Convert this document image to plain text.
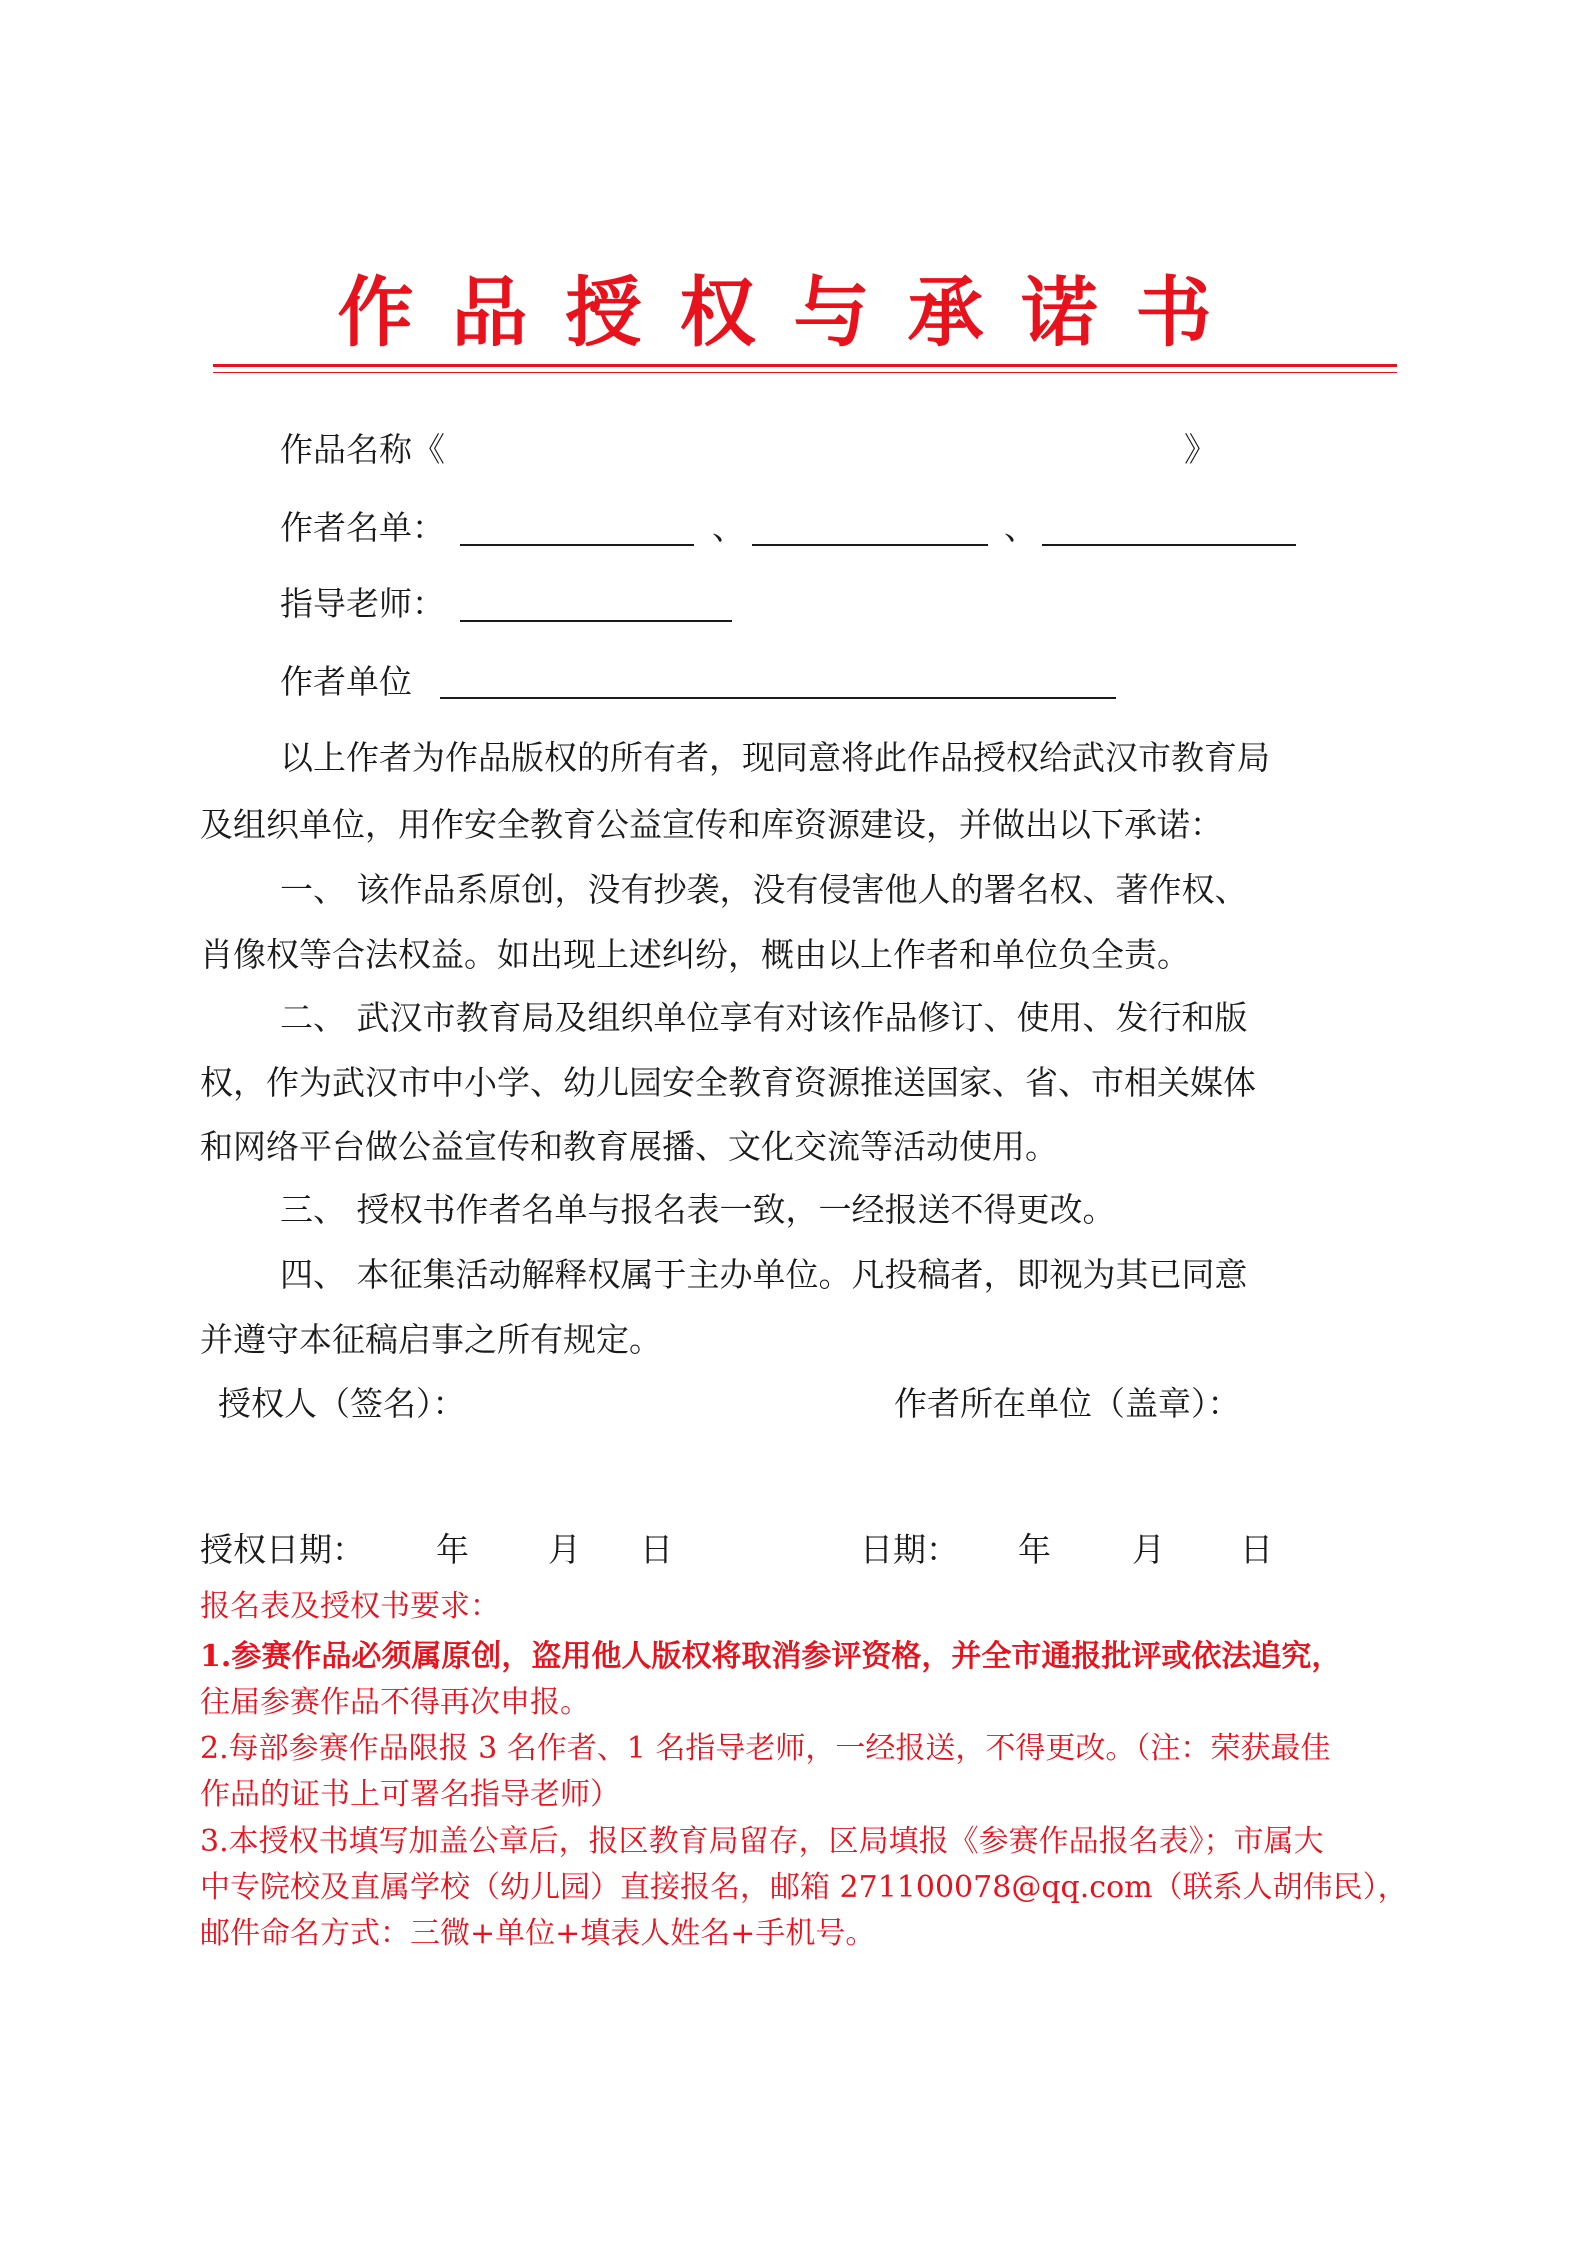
作品授权与承诺书
作品名称《	》
作者名单：	、	、
指导老师：
作者单位
以上作者为作品版权的所有者，现同意将此作品授权给武汉市教育局
及组织单位，用作安全教育公益宣传和库资源建设，并做出以下承诺：
一、 该作品系原创，没有抄袭，没有侵害他人的署名权、著作权、
肖像权等合法权益。如出现上述纠纷，概由以上作者和单位负全责。
二、 武汉市教育局及组织单位享有对该作品修订、使用、发行和版
权，作为武汉市中小学、幼儿园安全教育资源推送国家、省、市相关媒体
和网络平台做公益宣传和教育展播、文化交流等活动使用。
三、 授权书作者名单与报名表一致，一经报送不得更改。
四、 本征集活动解释权属于主办单位。凡投稿者，即视为其已同意
并遵守本征稿启事之所有规定。
授权人（签名）：	作者所在单位（盖章）：
授权日期： 年 月 日	日期： 年 月 日
报名表及授权书要求：
1.参赛作品必须属原创，盗用他人版权将取消参评资格，并全市通报批评或依法追究，
往届参赛作品不得再次申报。
2.每部参赛作品限报 3 名作者、1 名指导老师，一经报送，不得更改。（注：荣获最佳
作品的证书上可署名指导老师）
3.本授权书填写加盖公章后，报区教育局留存，区局填报《参赛作品报名表》；市属大
中专院校及直属学校（幼儿园）直接报名，邮箱 271100078@qq.com（联系人胡伟民），
邮件命名方式：三微+单位+填表人姓名+手机号。
